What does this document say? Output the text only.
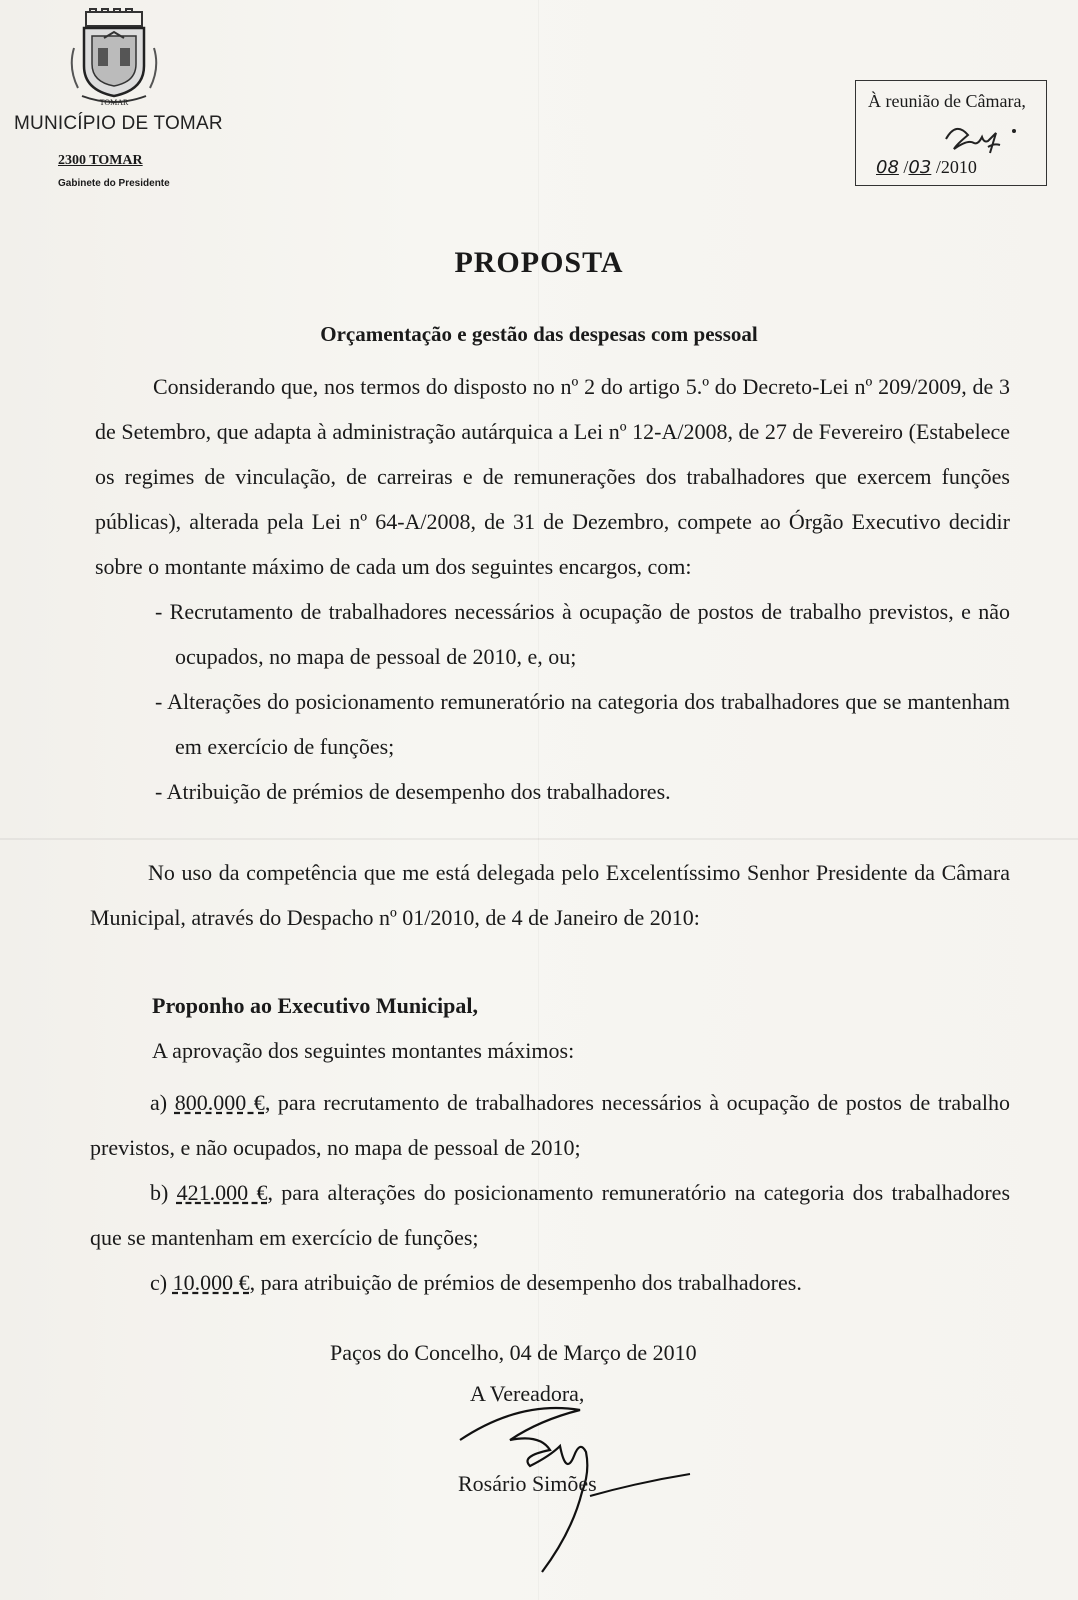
TOMAR
MUNICÍPIO DE TOMAR
2300 TOMAR
Gabinete do Presidente
À reunião de Câmara,
08 /03 /2010
PROPOSTA
Orçamentação e gestão das despesas com pessoal

Considerando que, nos termos do disposto no nº 2 do artigo 5.º do Decreto-Lei nº 209/2009, de 3 de Setembro, que adapta à administração autárquica a Lei nº 12-A/2008, de 27 de Fevereiro (Estabelece os regimes de vinculação, de carreiras e de remunerações dos trabalhadores que exercem funções públicas), alterada pela Lei nº 64-A/2008, de 31 de Dezembro, compete ao Órgão Executivo decidir sobre o montante máximo de cada um dos seguintes encargos, com:

- Recrutamento de trabalhadores necessários à ocupação de postos de trabalho previstos, e não ocupados, no mapa de pessoal de 2010, e, ou;

- Alterações do posicionamento remuneratório na categoria dos trabalhadores que se mantenham em exercício de funções;

- Atribuição de prémios de desempenho dos trabalhadores.

No uso da competência que me está delegada pelo Excelentíssimo Senhor Presidente da Câmara Municipal, através do Despacho nº 01/2010, de 4 de Janeiro de 2010:

Proponho ao Executivo Municipal,
A aprovação dos seguintes montantes máximos:

a) 800.000 €, para recrutamento de trabalhadores necessários à ocupação de postos de trabalho previstos, e não ocupados, no mapa de pessoal de 2010;

b) 421.000 €, para alterações do posicionamento remuneratório na categoria dos trabalhadores que se mantenham em exercício de funções;

c) 10.000 €, para atribuição de prémios de desempenho dos trabalhadores.

Paços do Concelho, 04 de Março de 2010
A Vereadora,
Rosário Simões
